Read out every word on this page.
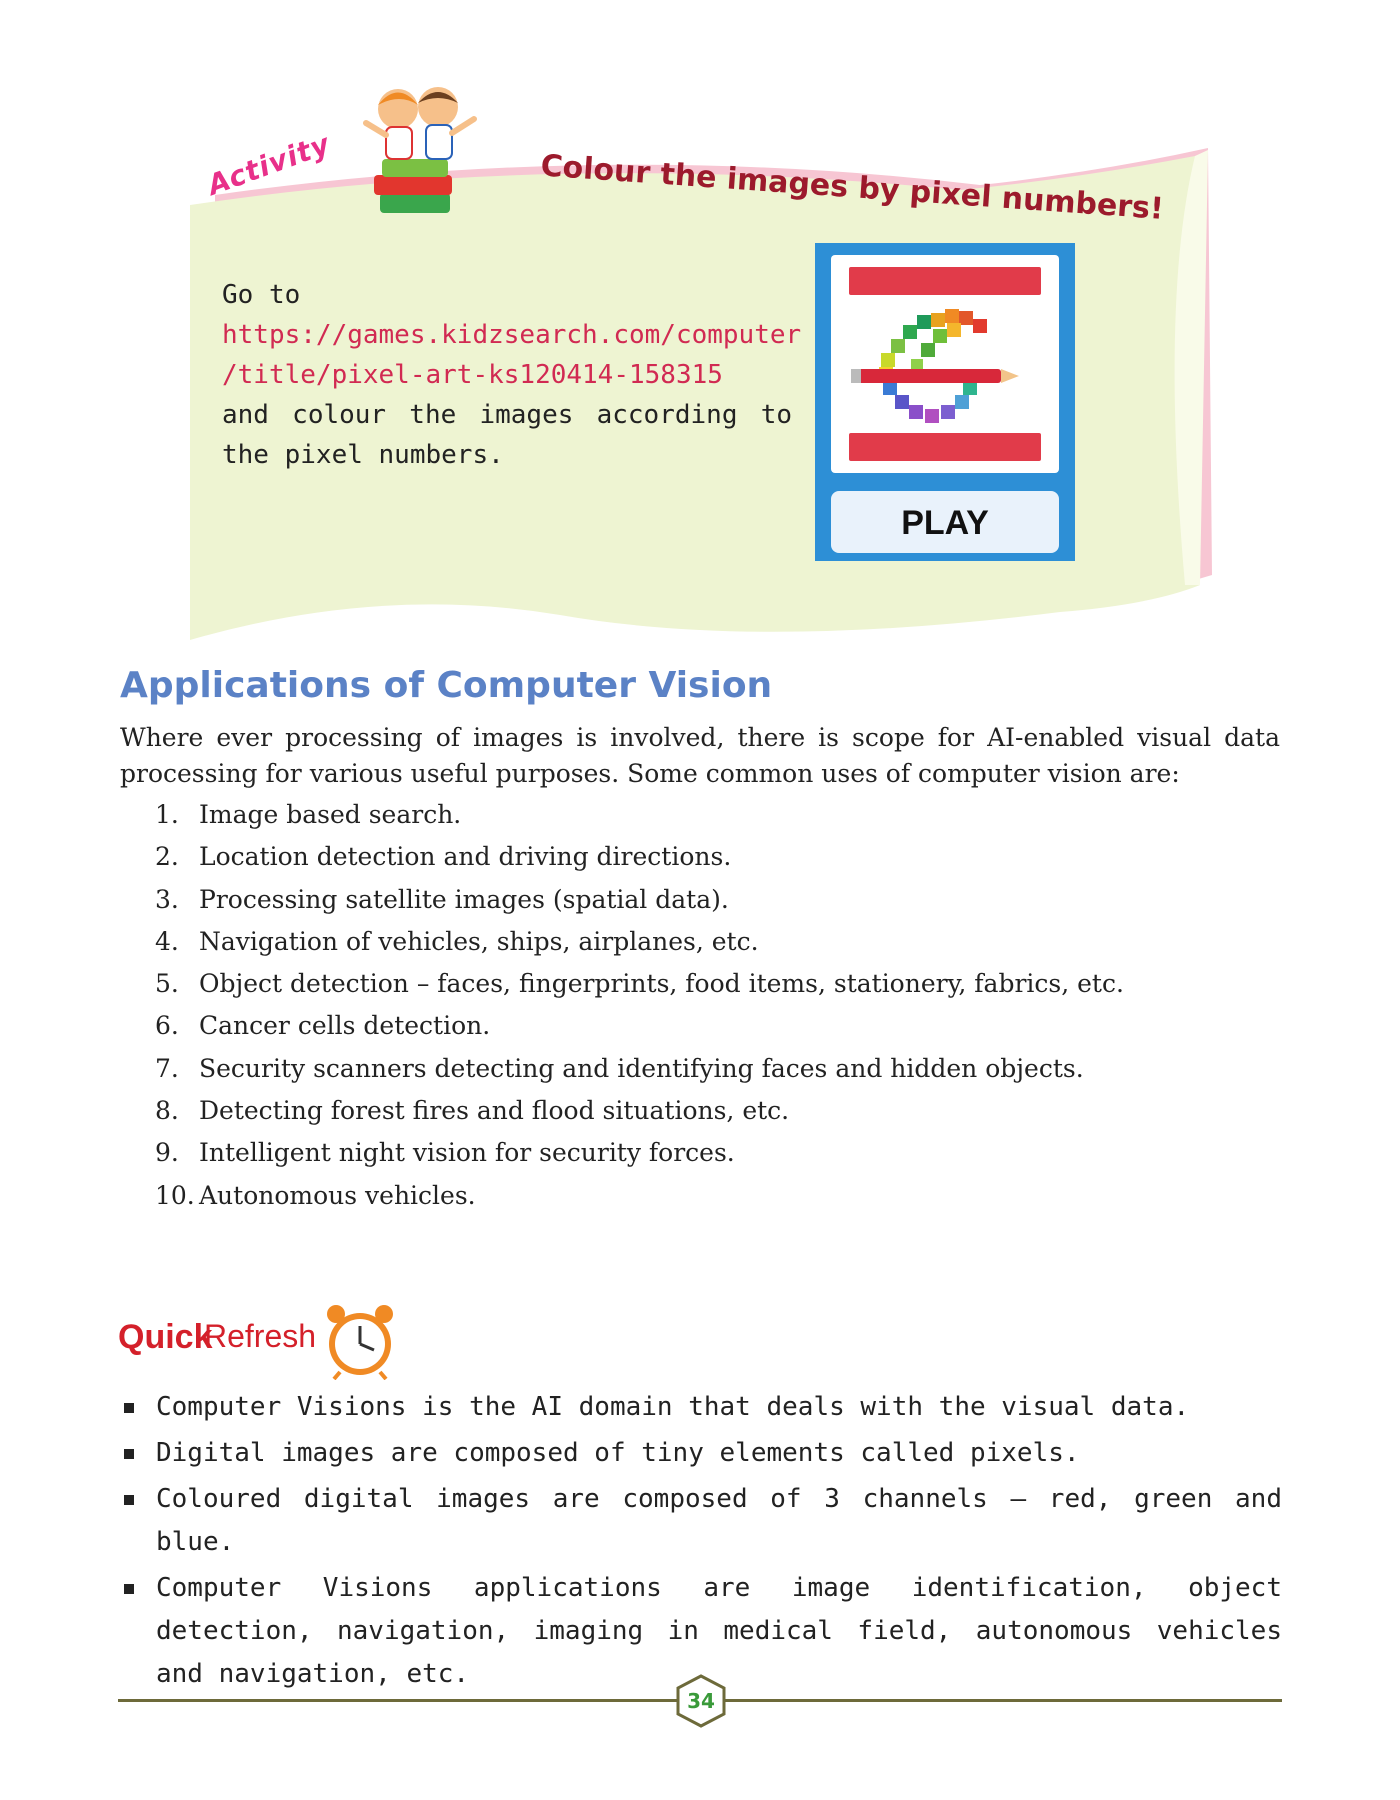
Activity	Colour the images by pixel numbers!
Go to
https://games.kidzsearch.com/computer
/title/pixel-art-ks120414-158315
and colour the images according to the pixel numbers.
PLAY
Applications of Computer Vision
Where ever processing of images is involved, there is scope for AI-enabled visual data processing for various useful purposes. Some common uses of computer vision are:
1. Image based search.
2. Location detection and driving directions.
3. Processing satellite images (spatial data).
4. Navigation of vehicles, ships, airplanes, etc.
5. Object detection – faces, fingerprints, food items, stationery, fabrics, etc.
6. Cancer cells detection.
7. Security scanners detecting and identifying faces and hidden objects.
8. Detecting forest fires and flood situations, etc.
9. Intelligent night vision for security forces.
10. Autonomous vehicles.
Quick
Refresh
Computer Visions is the AI domain that deals with the visual data.
Digital images are composed of tiny elements called pixels.
Coloured digital images are composed of 3 channels – red, green and blue.
Computer Visions applications are image identification, object detection, navigation, imaging in medical field, autonomous vehicles and navigation, etc.
34
